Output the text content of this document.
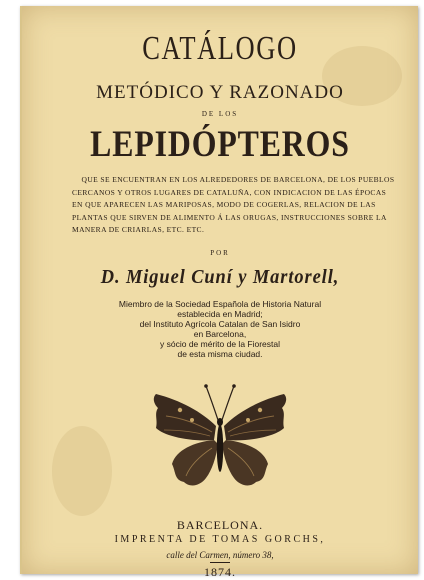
CATÁLOGO
METÓDICO Y RAZONADO
DE LOS
LEPIDÓPTEROS
QUE SE ENCUENTRAN EN LOS ALREDEDORES DE BARCELONA, DE LOS PUEBLOS
CERCANOS Y OTROS LUGARES DE CATALUÑA, CON INDICACION DE LAS ÉPOCAS
EN QUE APARECEN LAS MARIPOSAS, MODO DE COGERLAS, RELACION DE LAS
PLANTAS QUE SIRVEN DE ALIMENTO Á LAS ORUGAS, INSTRUCCIONES SOBRE LA
MANERA DE CRIARLAS, ETC. ETC.
POR
D. Miguel Cuní y Martorell,
Miembro de la Sociedad Española de Historia Natural
establecida en Madrid;
del Instituto Agrícola Catalan de San Isidro
en Barcelona,
y sócio de mérito de la Fiorestal
de esta misma ciudad.
BARCELONA.
IMPRENTA DE TOMAS GORCHS,
calle del Carmen, número 38,
1874.
